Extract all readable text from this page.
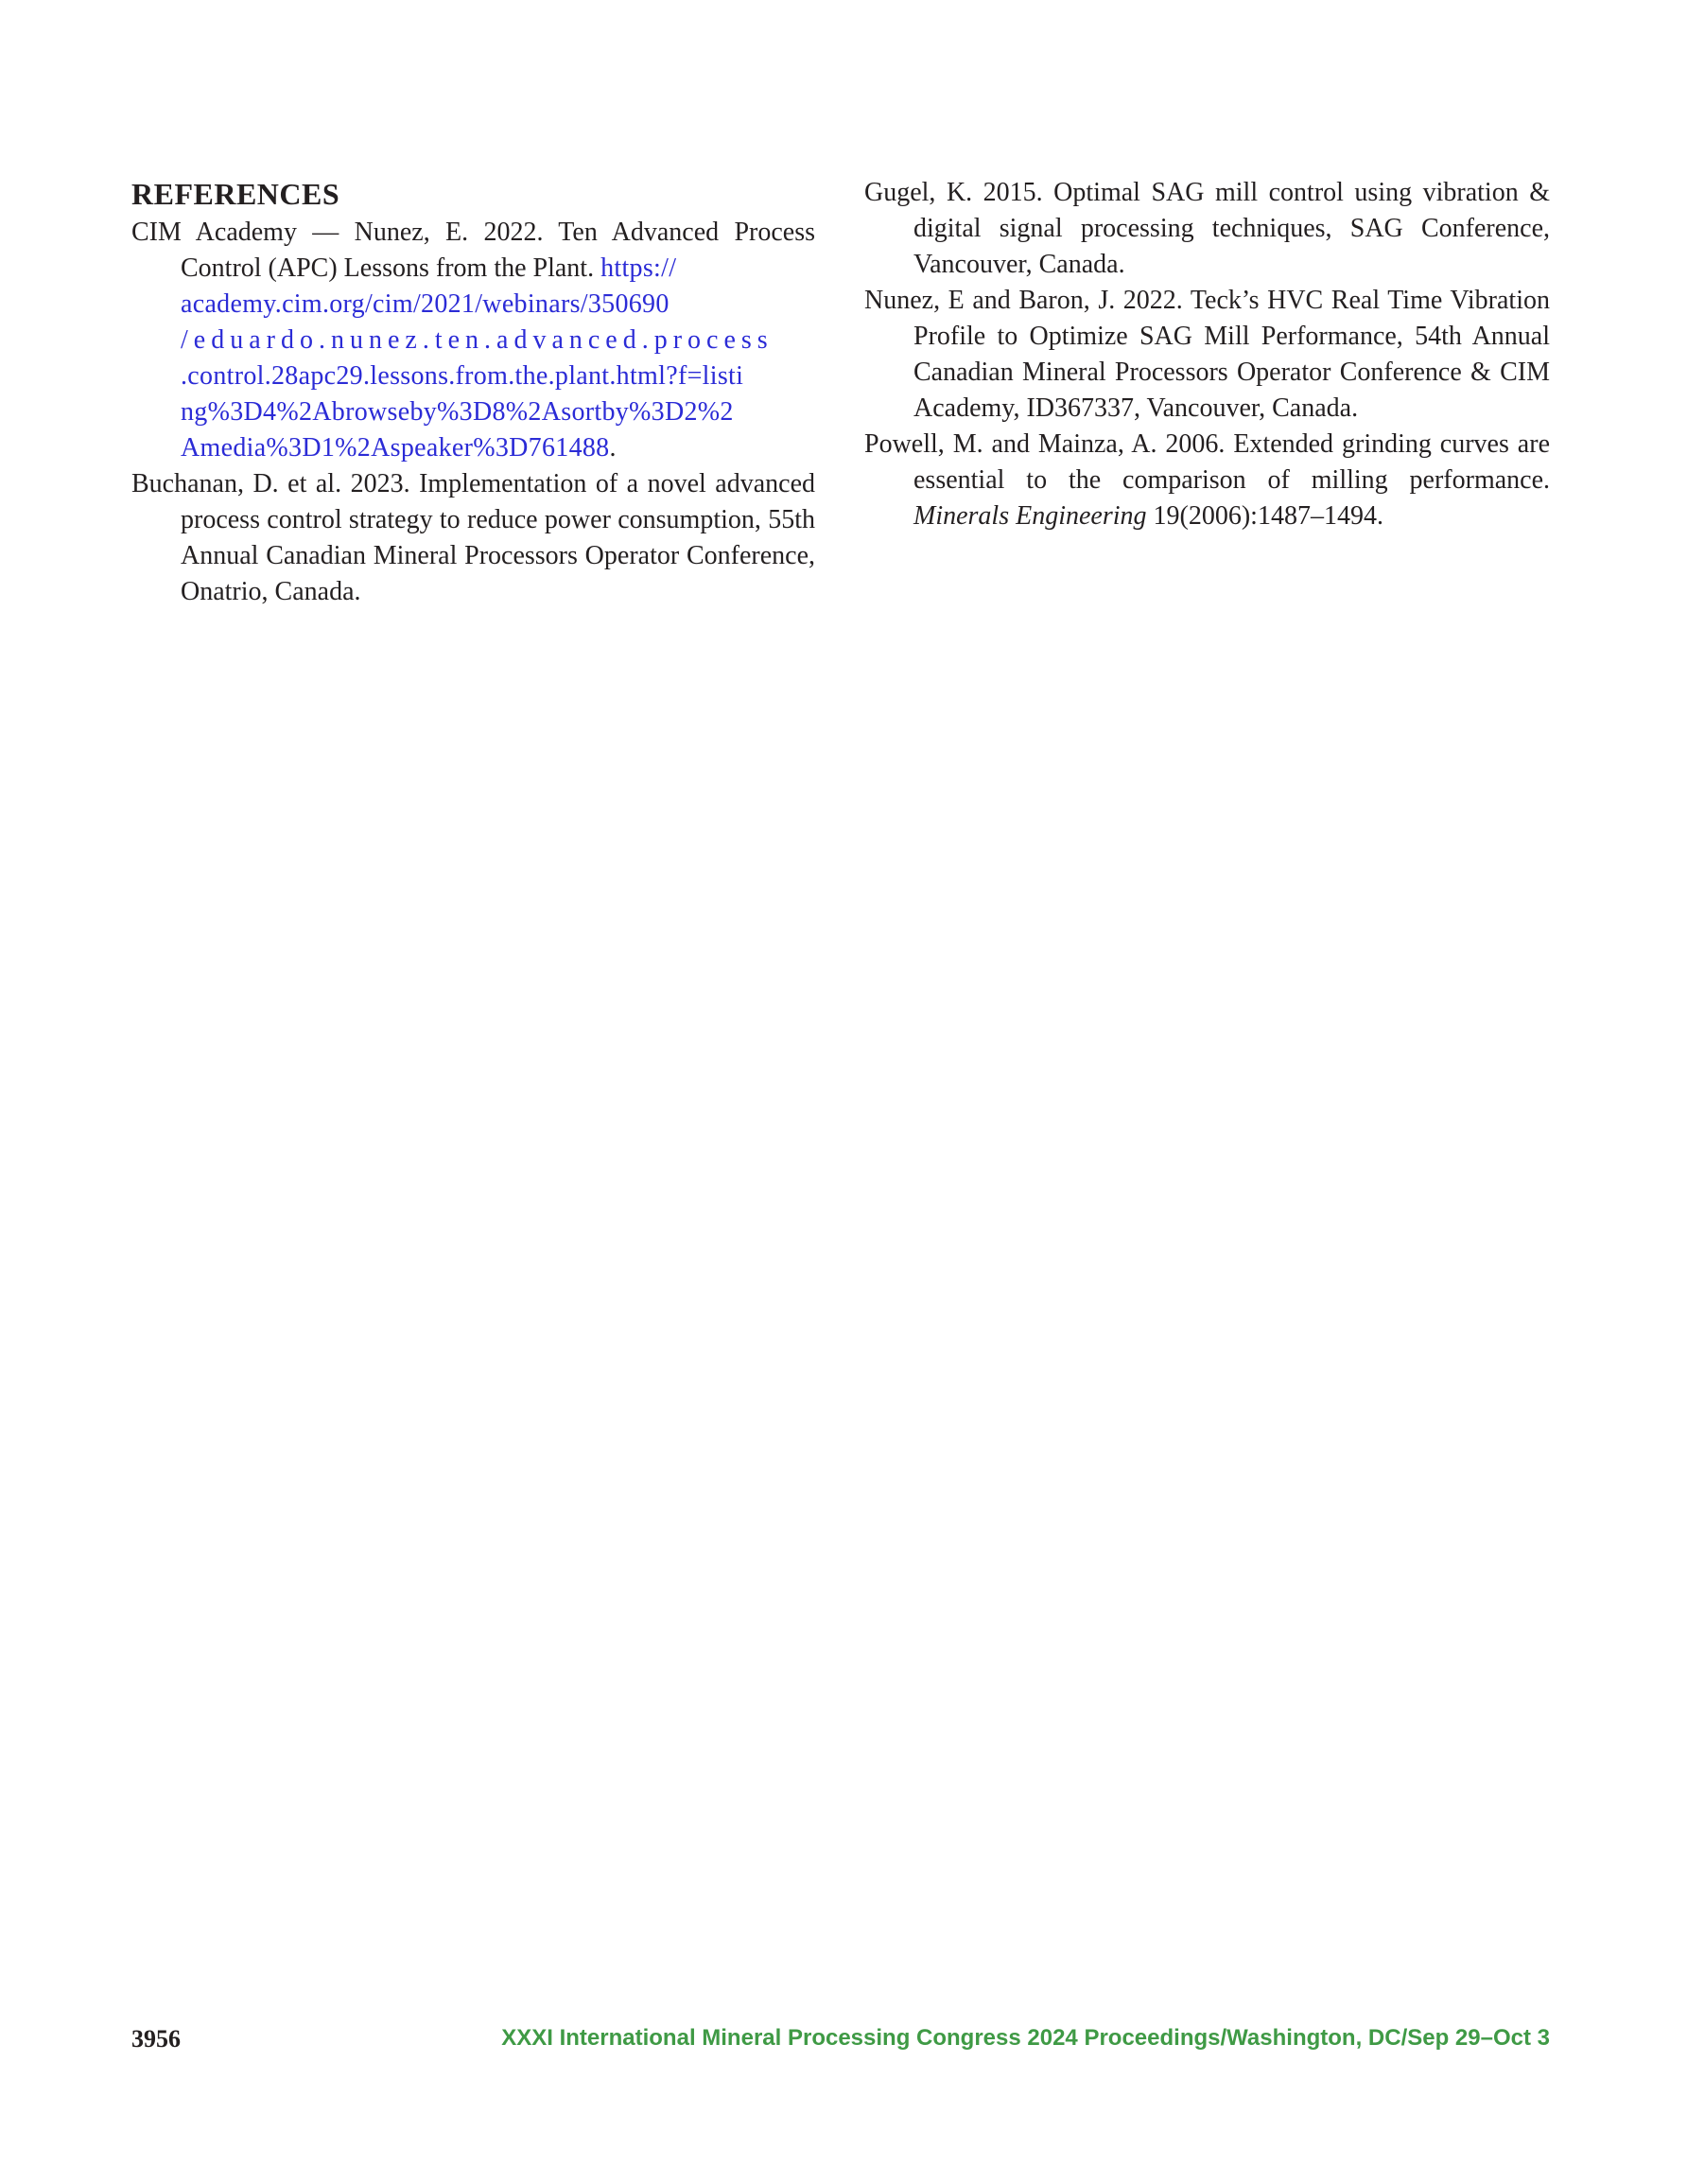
REFERENCES

CIM Academy — Nunez, E. 2022. Ten Advanced Process Control (APC) Lessons from the Plant. https://
academy.cim.org/cim/2021/webinars/350690
/eduardo.nunez.ten.advanced.process
.control.28apc29.lessons.from.the.plant.html?f=listi
ng%3D4%2Abrowseby%3D8%2Asortby%3D2%2
Amedia%3D1%2Aspeaker%3D761488.

Buchanan, D. et al. 2023. Implementation of a novel advanced process control strategy to reduce power consumption, 55th Annual Canadian Mineral Processors Operator Conference, Onatrio, Canada.

Gugel, K. 2015. Optimal SAG mill control using vibration & digital signal processing techniques, SAG Conference, Vancouver, Canada.

Nunez, E and Baron, J. 2022. Teck’s HVC Real Time Vibration Profile to Optimize SAG Mill Performance, 54th Annual Canadian Mineral Processors Operator Conference & CIM Academy, ID367337, Vancouver, Canada.

Powell, M. and Mainza, A. 2006. Extended grinding curves are essential to the comparison of milling performance. Minerals Engineering 19(2006):1487–1494.

3956	XXXI International Mineral Processing Congress 2024 Proceedings/Washington, DC/Sep 29–Oct 3
